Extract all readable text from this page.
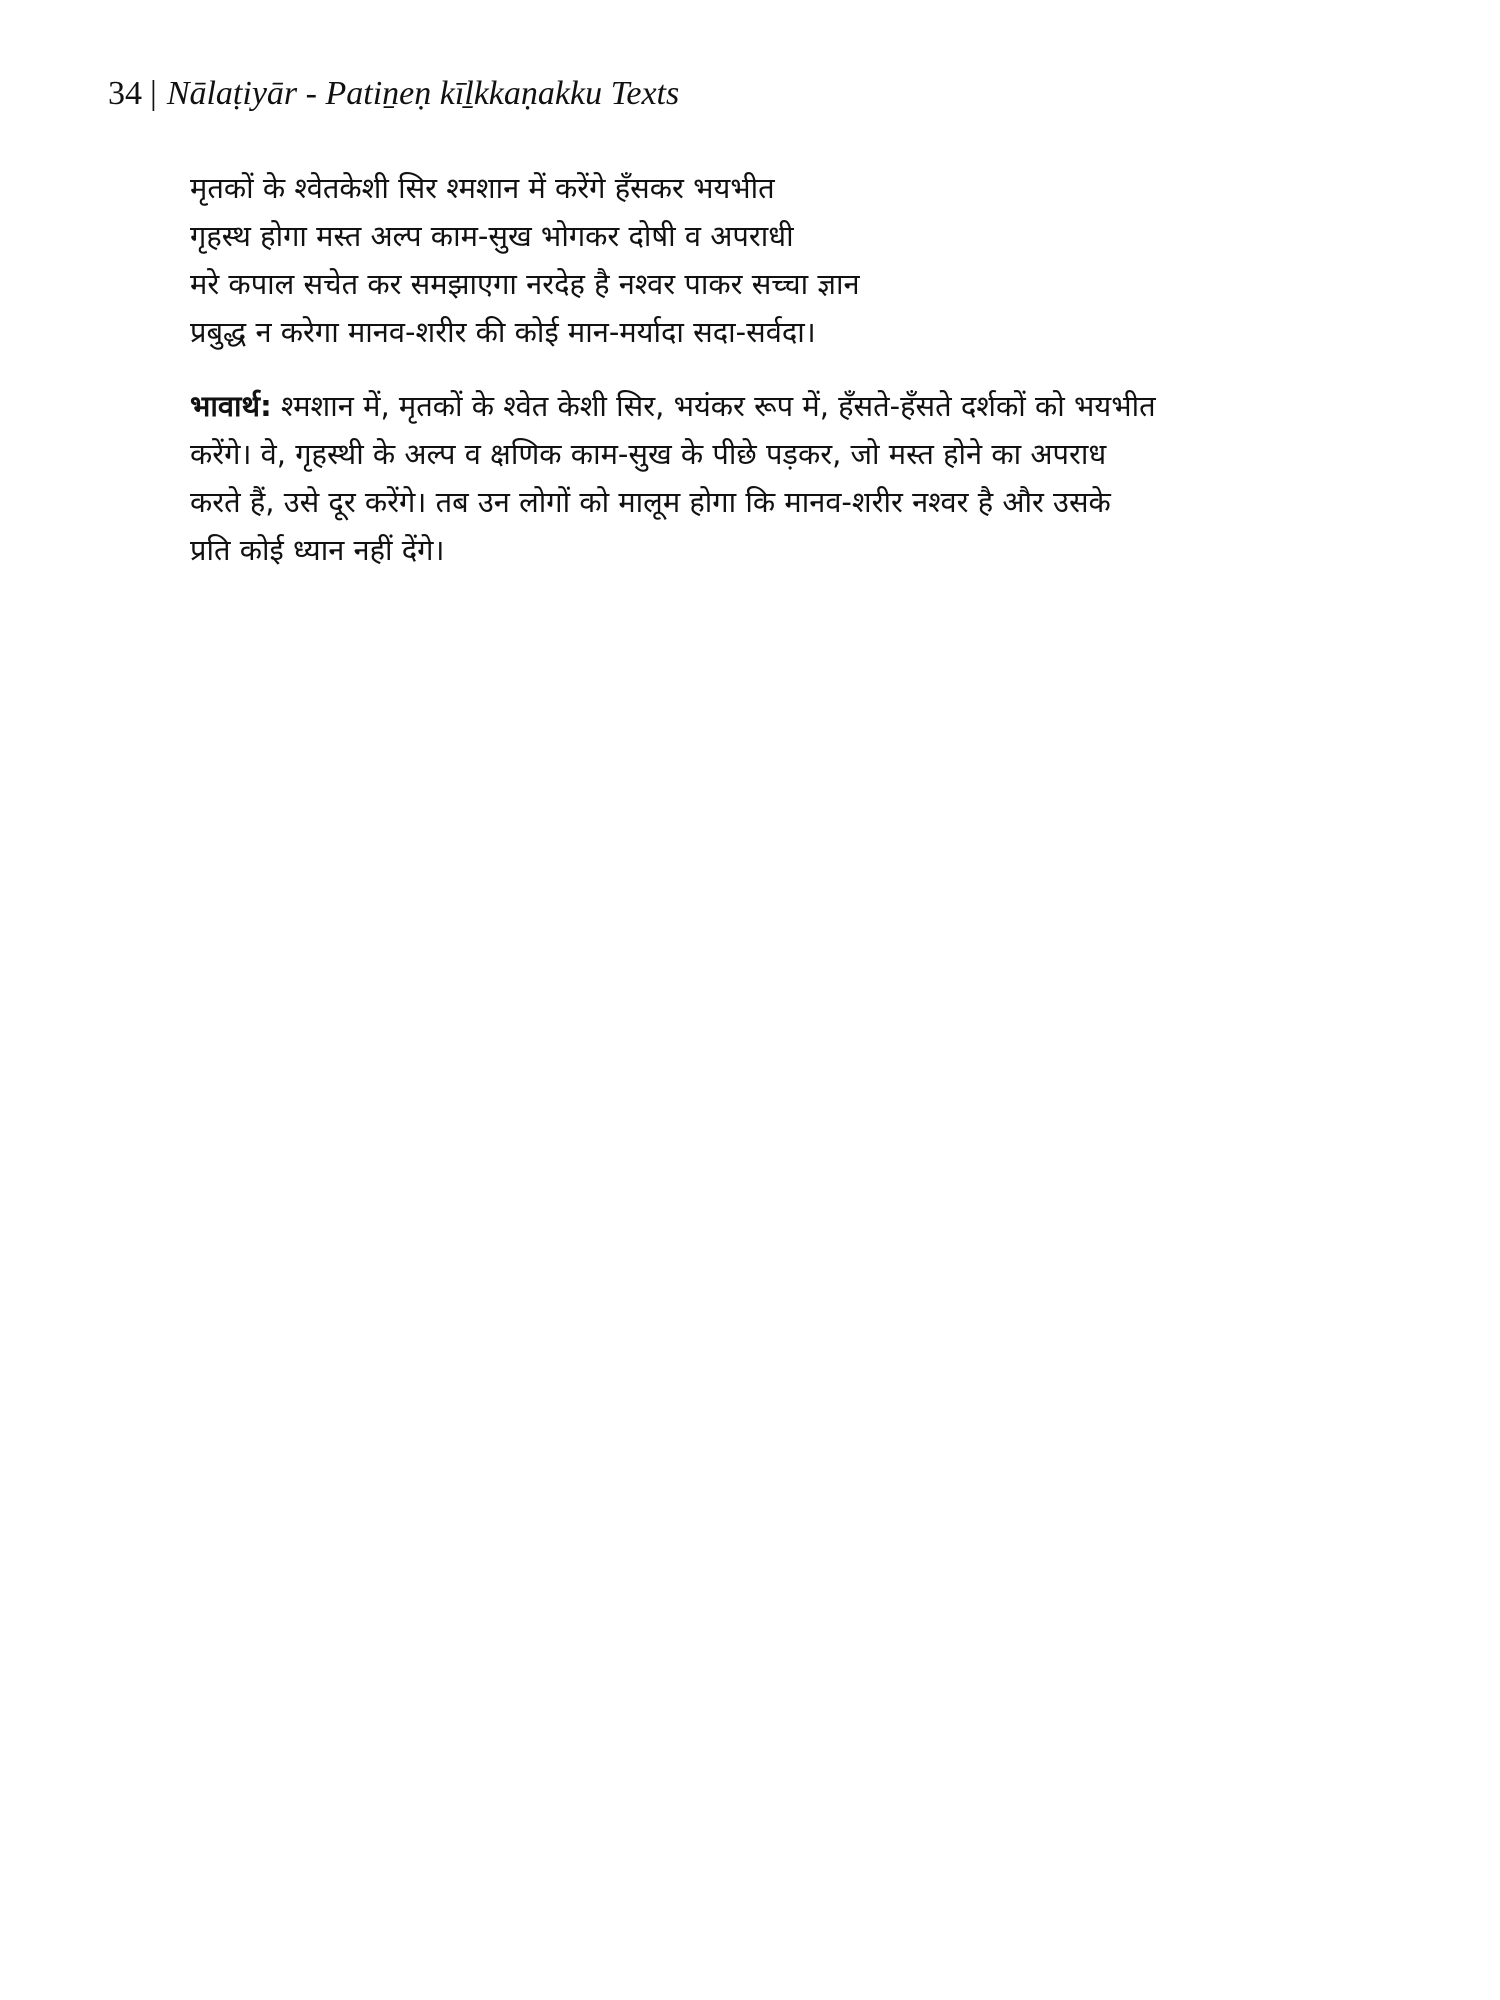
34 | Nālaṭiyār - Patiṉeṇ kīḻkkaṇakku Texts
मृतकों के श्वेतकेशी सिर श्मशान में करेंगे हँसकर भयभीत
गृहस्थ होगा मस्त अल्प काम-सुख भोगकर दोषी व अपराधी
मरे कपाल सचेत कर समझाएगा नरदेह है नश्वर पाकर सच्चा ज्ञान
प्रबुद्ध न करेगा मानव-शरीर की कोई मान-मर्यादा सदा-सर्वदा।
भावार्थ: श्मशान में, मृतकों के श्वेत केशी सिर, भयंकर रूप में, हँसते-हँसते दर्शकों को भयभीत
करेंगे। वे, गृहस्थी के अल्प व क्षणिक काम-सुख के पीछे पड़कर, जो मस्त होने का अपराध
करते हैं, उसे दूर करेंगे। तब उन लोगों को मालूम होगा कि मानव-शरीर नश्वर है और उसके
प्रति कोई ध्यान नहीं देंगे।
